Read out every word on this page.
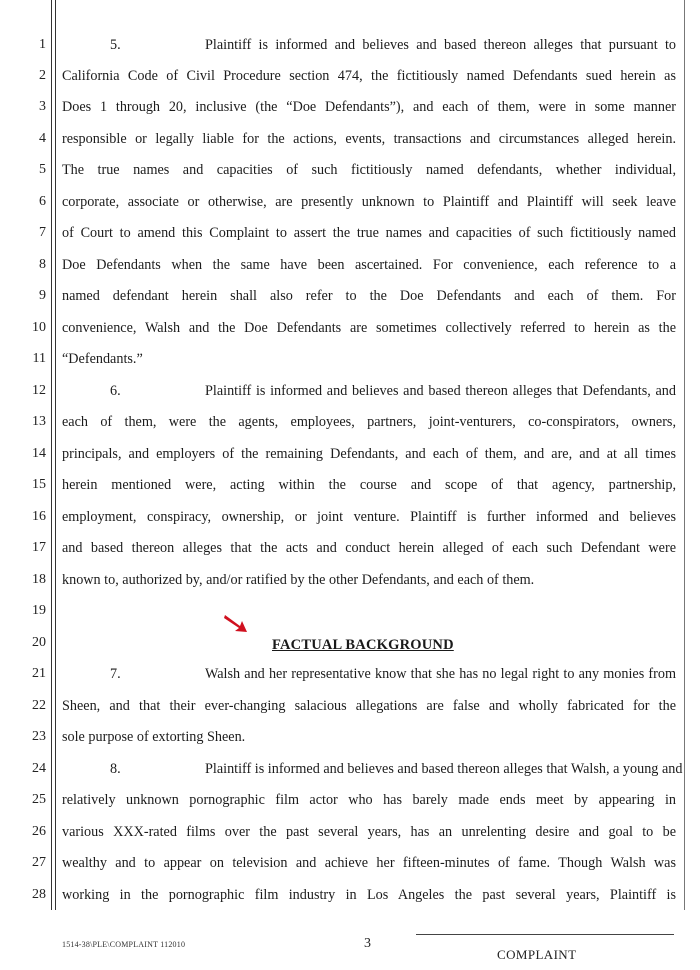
1
2
3
4
5
6
7
8
9
10
11
12
13
14
15
16
17
18
19
20
21
22
23
24
25
26
27
28
5.	Plaintiff is informed and believes and based thereon alleges that pursuant to
California Code of Civil Procedure section 474, the fictitiously named Defendants sued herein as
Does 1 through 20, inclusive (the “Doe Defendants”), and each of them, were in some manner
responsible or legally liable for the actions, events, transactions and circumstances alleged herein.
The true names and capacities of such fictitiously named defendants, whether individual,
corporate, associate or otherwise, are presently unknown to Plaintiff and Plaintiff will seek leave
of Court to amend this Complaint to assert the true names and capacities of such fictitiously named
Doe Defendants when the same have been ascertained. For convenience, each reference to a
named defendant herein shall also refer to the Doe Defendants and each of them. For
convenience, Walsh and the Doe Defendants are sometimes collectively referred to herein as the
“Defendants.”
6.	Plaintiff is informed and believes and based thereon alleges that Defendants, and
each of them, were the agents, employees, partners, joint-venturers, co-conspirators, owners,
principals, and employers of the remaining Defendants, and each of them, and are, and at all times
herein mentioned were, acting within the course and scope of that agency, partnership,
employment, conspiracy, ownership, or joint venture. Plaintiff is further informed and believes
and based thereon alleges that the acts and conduct herein alleged of each such Defendant were
known to, authorized by, and/or ratified by the other Defendants, and each of them.
FACTUAL BACKGROUND
7.	Walsh and her representative know that she has no legal right to any monies from
Sheen, and that their ever-changing salacious allegations are false and wholly fabricated for the
sole purpose of extorting Sheen.
8.	Plaintiff is informed and believes and based thereon alleges that Walsh, a young and
relatively unknown pornographic film actor who has barely made ends meet by appearing in
various XXX-rated films over the past several years, has an unrelenting desire and goal to be
wealthy and to appear on television and achieve her fifteen-minutes of fame. Though Walsh was
working in the pornographic film industry in Los Angeles the past several years, Plaintiff is
1514-38\PLE\COMPLAINT 112010	3
COMPLAINT
